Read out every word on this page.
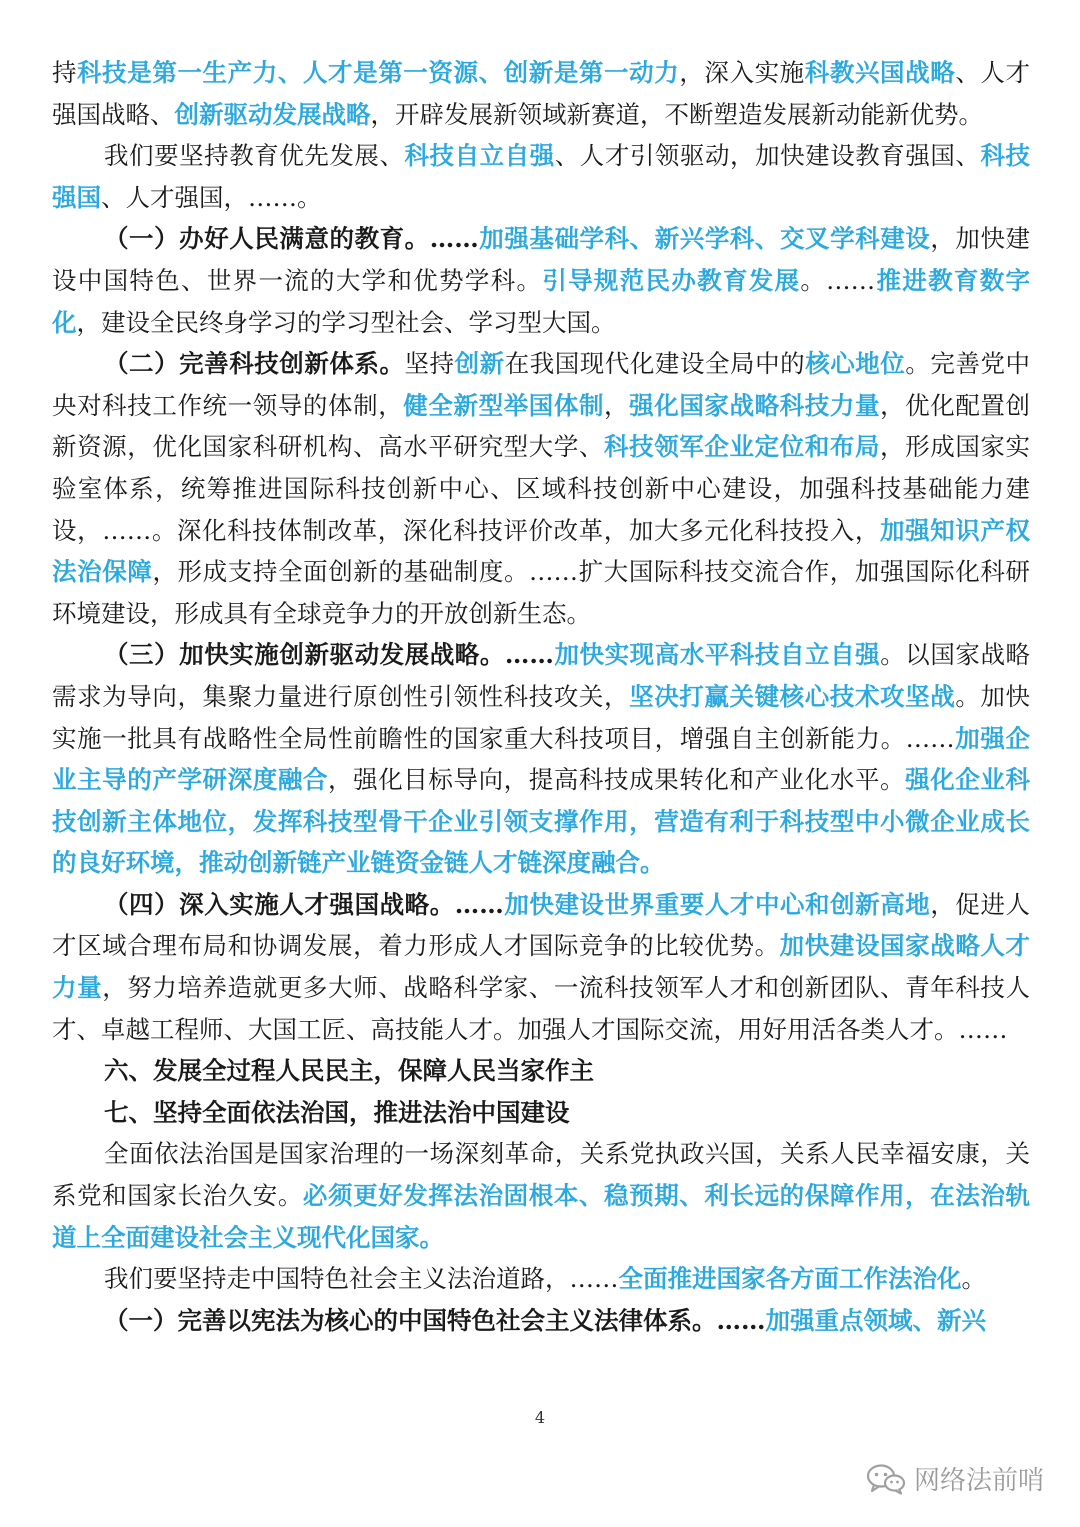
持科技是第一生产力、人才是第一资源、创新是第一动力，深入实施科教兴国战略、人才强国战略、创新驱动发展战略，开辟发展新领域新赛道，不断塑造发展新动能新优势。

我们要坚持教育优先发展、科技自立自强、人才引领驱动，加快建设教育强国、科技强国、人才强国，……。

（一）办好人民满意的教育。……加强基础学科、新兴学科、交叉学科建设，加快建设中国特色、世界一流的大学和优势学科。引导规范民办教育发展。……推进教育数字化，建设全民终身学习的学习型社会、学习型大国。

（二）完善科技创新体系。坚持创新在我国现代化建设全局中的核心地位。完善党中央对科技工作统一领导的体制，健全新型举国体制，强化国家战略科技力量，优化配置创新资源，优化国家科研机构、高水平研究型大学、科技领军企业定位和布局，形成国家实验室体系，统筹推进国际科技创新中心、区域科技创新中心建设，加强科技基础能力建设，……。深化科技体制改革，深化科技评价改革，加大多元化科技投入，加强知识产权法治保障，形成支持全面创新的基础制度。……扩大国际科技交流合作，加强国际化科研环境建设，形成具有全球竞争力的开放创新生态。

（三）加快实施创新驱动发展战略。……加快实现高水平科技自立自强。以国家战略需求为导向，集聚力量进行原创性引领性科技攻关，坚决打赢关键核心技术攻坚战。加快实施一批具有战略性全局性前瞻性的国家重大科技项目，增强自主创新能力。……加强企业主导的产学研深度融合，强化目标导向，提高科技成果转化和产业化水平。强化企业科技创新主体地位，发挥科技型骨干企业引领支撑作用，营造有利于科技型中小微企业成长的良好环境，推动创新链产业链资金链人才链深度融合。

（四）深入实施人才强国战略。……加快建设世界重要人才中心和创新高地，促进人才区域合理布局和协调发展，着力形成人才国际竞争的比较优势。加快建设国家战略人才力量，努力培养造就更多大师、战略科学家、一流科技领军人才和创新团队、青年科技人才、卓越工程师、大国工匠、高技能人才。加强人才国际交流，用好用活各类人才。……

六、发展全过程人民民主，保障人民当家作主

七、坚持全面依法治国，推进法治中国建设

全面依法治国是国家治理的一场深刻革命，关系党执政兴国，关系人民幸福安康，关系党和国家长治久安。必须更好发挥法治固根本、稳预期、利长远的保障作用，在法治轨道上全面建设社会主义现代化国家。

我们要坚持走中国特色社会主义法治道路，……全面推进国家各方面工作法治化。

（一）完善以宪法为核心的中国特色社会主义法律体系。……加强重点领域、新兴

4
网络法前哨
